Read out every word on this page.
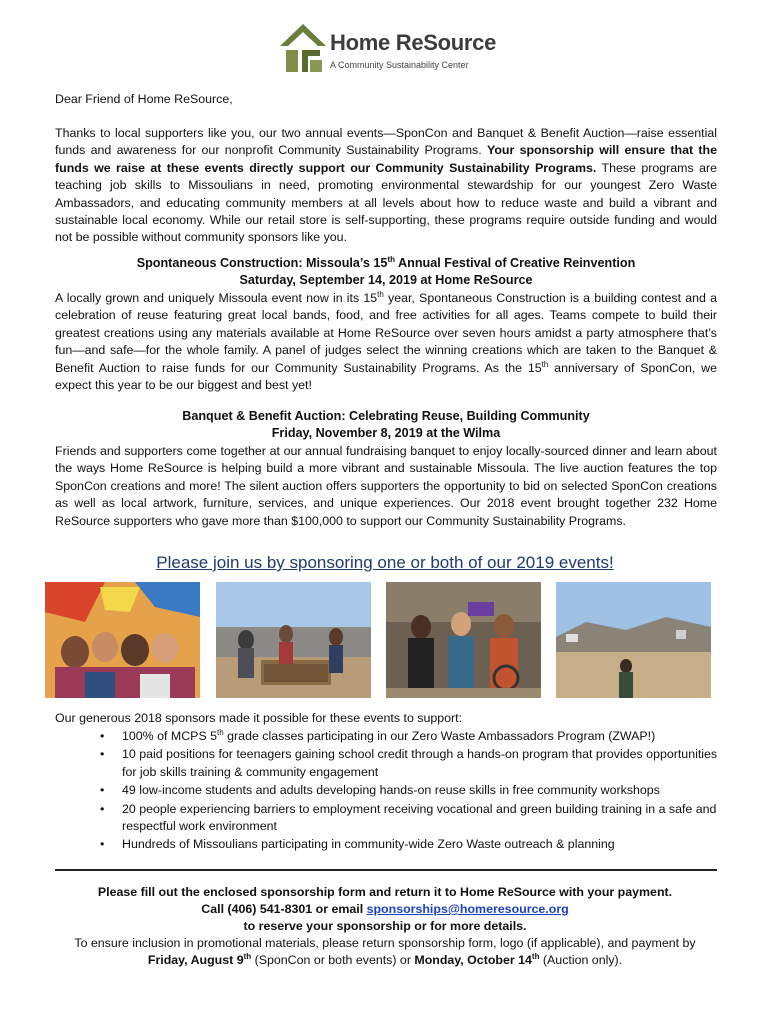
Home ReSource
A Community Sustainability Center
Dear Friend of Home ReSource,
Thanks to local supporters like you, our two annual events—SponCon and Banquet & Benefit Auction—raise essential funds and awareness for our nonprofit Community Sustainability Programs. Your sponsorship will ensure that the funds we raise at these events directly support our Community Sustainability Programs. These programs are teaching job skills to Missoulians in need, promoting environmental stewardship for our youngest Zero Waste Ambassadors, and educating community members at all levels about how to reduce waste and build a vibrant and sustainable local economy. While our retail store is self-supporting, these programs require outside funding and would not be possible without community sponsors like you.
Spontaneous Construction: Missoula’s 15th Annual Festival of Creative Reinvention
Saturday, September 14, 2019 at Home ReSource
A locally grown and uniquely Missoula event now in its 15th year, Spontaneous Construction is a building contest and a celebration of reuse featuring great local bands, food, and free activities for all ages. Teams compete to build their greatest creations using any materials available at Home ReSource over seven hours amidst a party atmosphere that’s fun—and safe—for the whole family. A panel of judges select the winning creations which are taken to the Banquet & Benefit Auction to raise funds for our Community Sustainability Programs. As the 15th anniversary of SponCon, we expect this year to be our biggest and best yet!
Banquet & Benefit Auction: Celebrating Reuse, Building Community
Friday, November 8, 2019 at the Wilma
Friends and supporters come together at our annual fundraising banquet to enjoy locally-sourced dinner and learn about the ways Home ReSource is helping build a more vibrant and sustainable Missoula. The live auction features the top SponCon creations and more! The silent auction offers supporters the opportunity to bid on selected SponCon creations as well as local artwork, furniture, services, and unique experiences. Our 2018 event brought together 232 Home ReSource supporters who gave more than $100,000 to support our Community Sustainability Programs.
Please join us by sponsoring one or both of our 2019 events!
Our generous 2018 sponsors made it possible for these events to support:
• 100% of MCPS 5th grade classes participating in our Zero Waste Ambassadors Program (ZWAP!)
• 10 paid positions for teenagers gaining school credit through a hands-on program that provides opportunities for job skills training & community engagement
• 49 low-income students and adults developing hands-on reuse skills in free community workshops
• 20 people experiencing barriers to employment receiving vocational and green building training in a safe and respectful work environment
• Hundreds of Missoulians participating in community-wide Zero Waste outreach & planning
Please fill out the enclosed sponsorship form and return it to Home ReSource with your payment.
Call (406) 541-8301 or email sponsorships@homeresource.org
to reserve your sponsorship or for more details.
To ensure inclusion in promotional materials, please return sponsorship form, logo (if applicable), and payment by
Friday, August 9th (SponCon or both events) or Monday, October 14th (Auction only).
